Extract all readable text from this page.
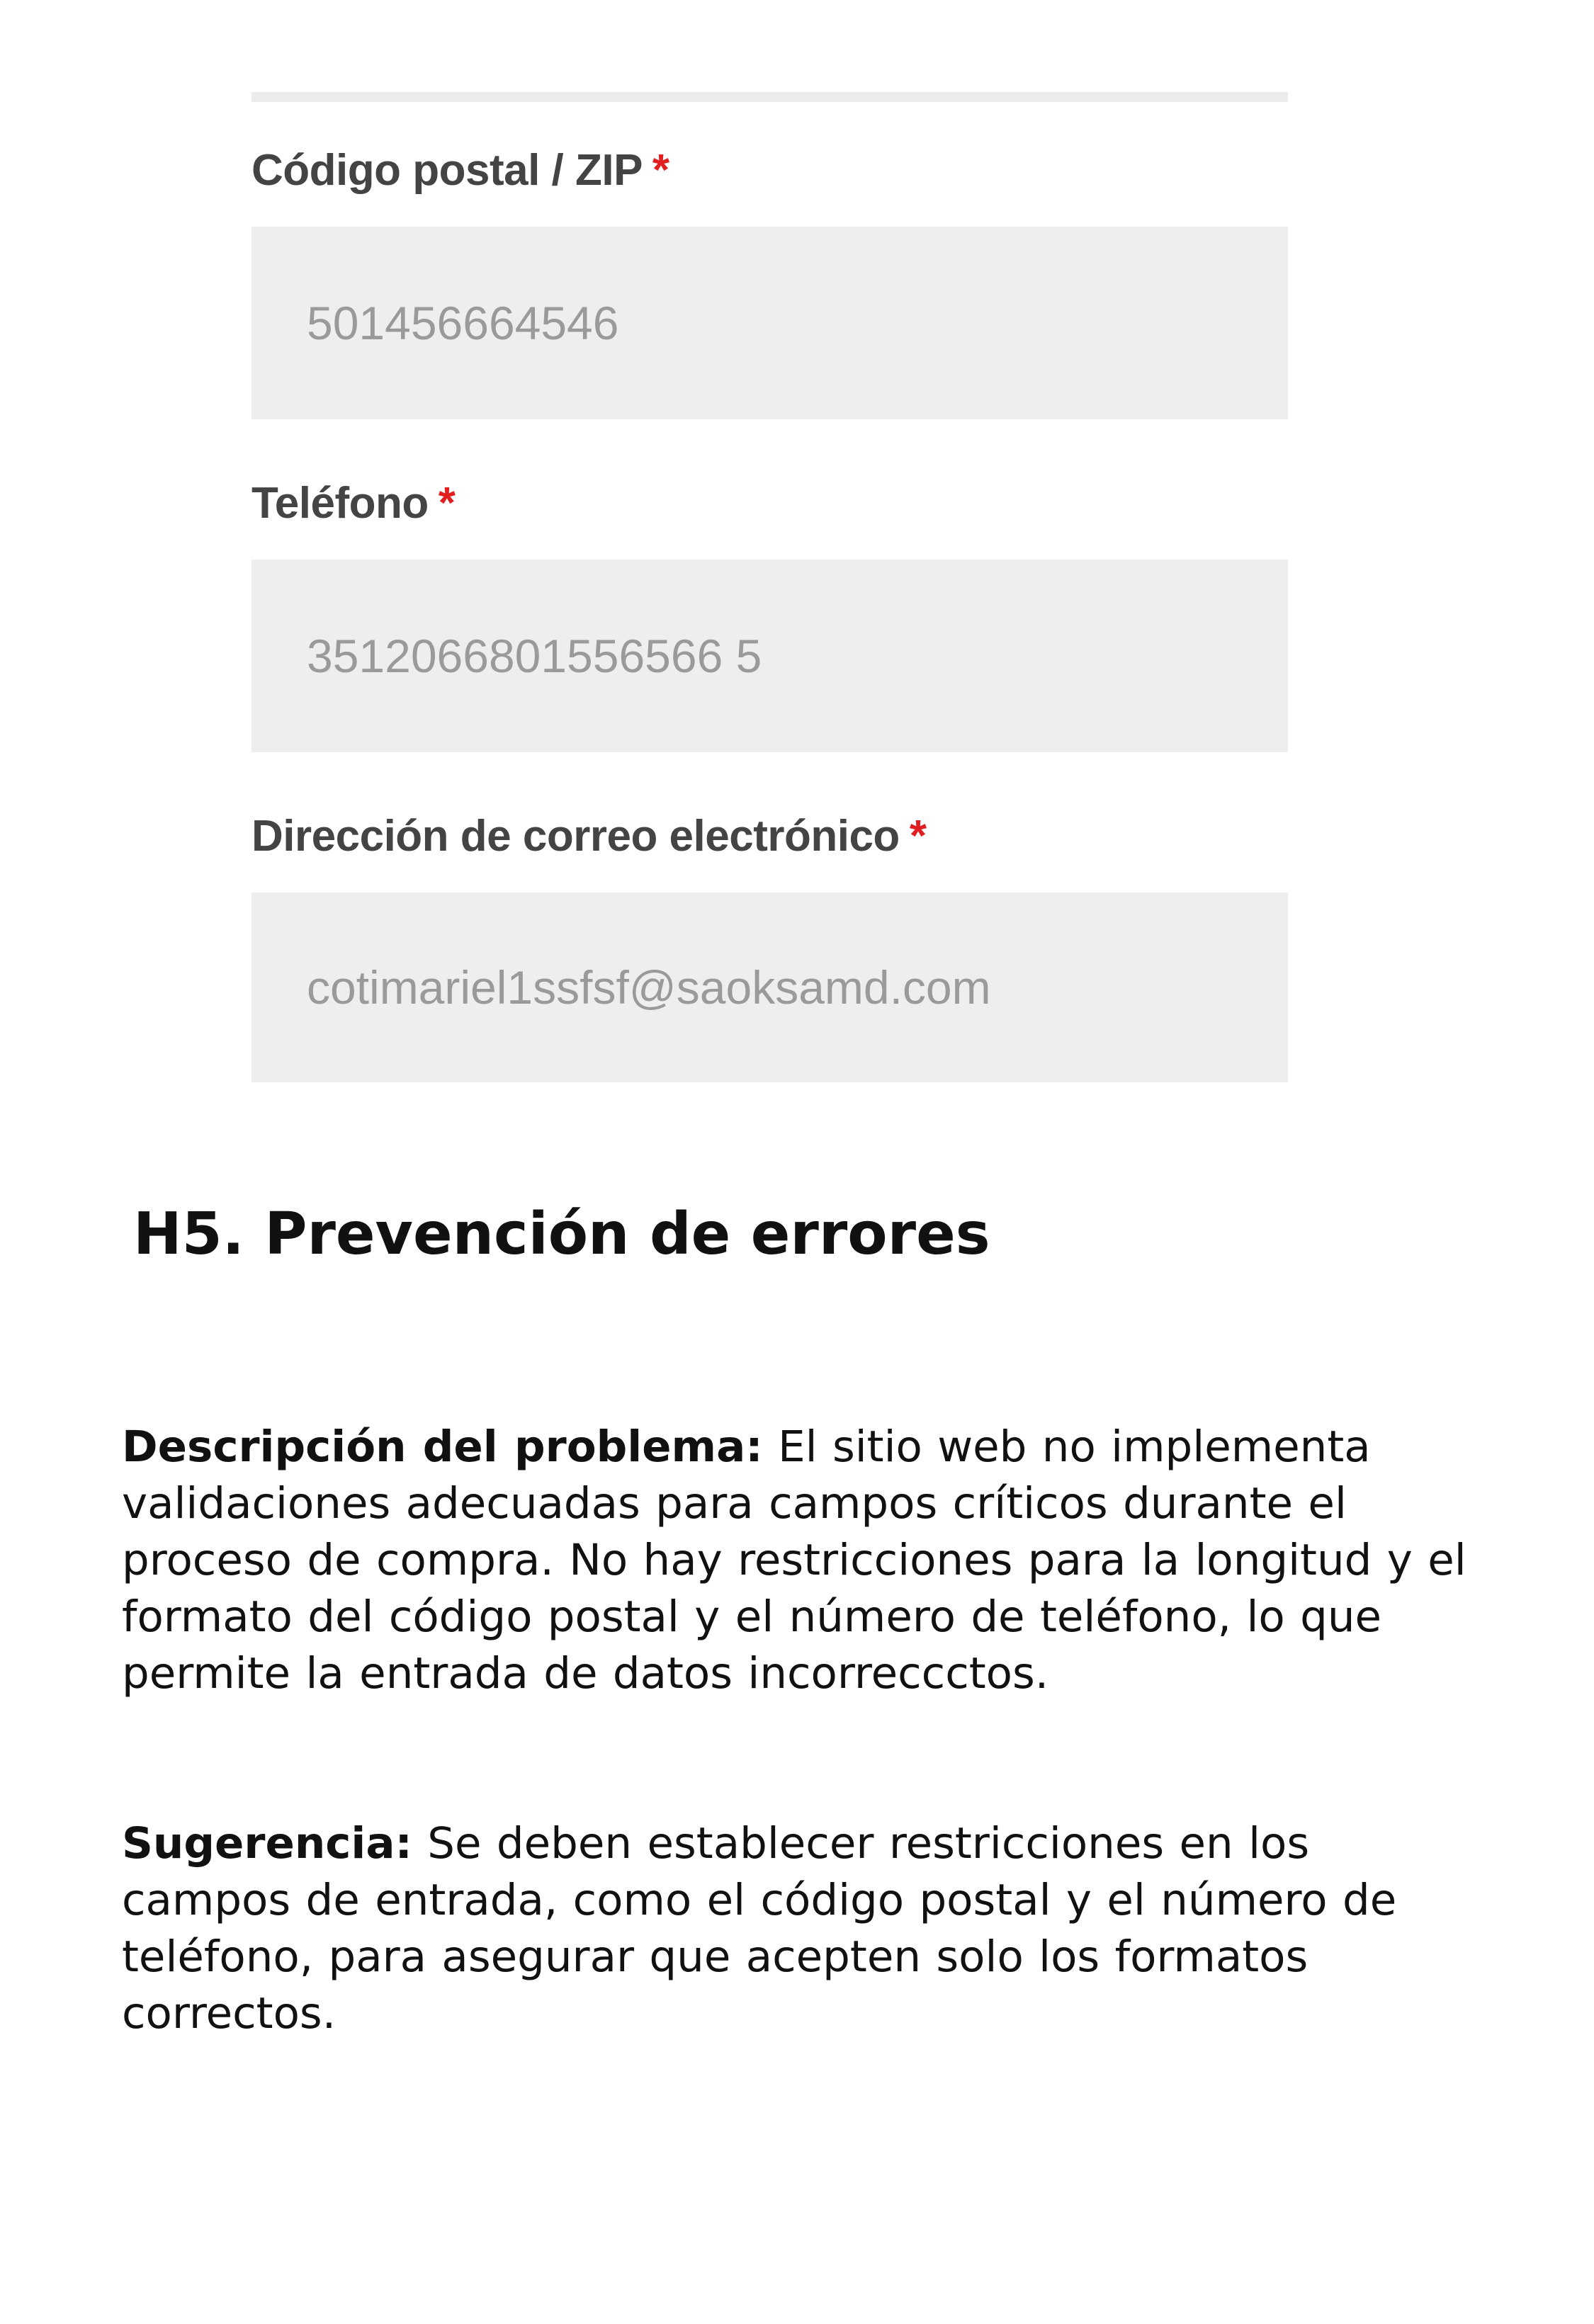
Código postal / ZIP *
501456664546
Teléfono *
3512066801556566 5
Dirección de correo electrónico *
cotimariel1ssfsf@saoksamd.com
H5. Prevención de errores

Descripción del problema: El sitio web no implementa validaciones adecuadas para campos críticos durante el proceso de compra. No hay restricciones para la longitud y el formato del código postal y el número de teléfono, lo que permite la entrada de datos incorreccctos.

Sugerencia: Se deben establecer restricciones en los campos de entrada, como el código postal y el número de teléfono, para asegurar que acepten solo los formatos correctos.
